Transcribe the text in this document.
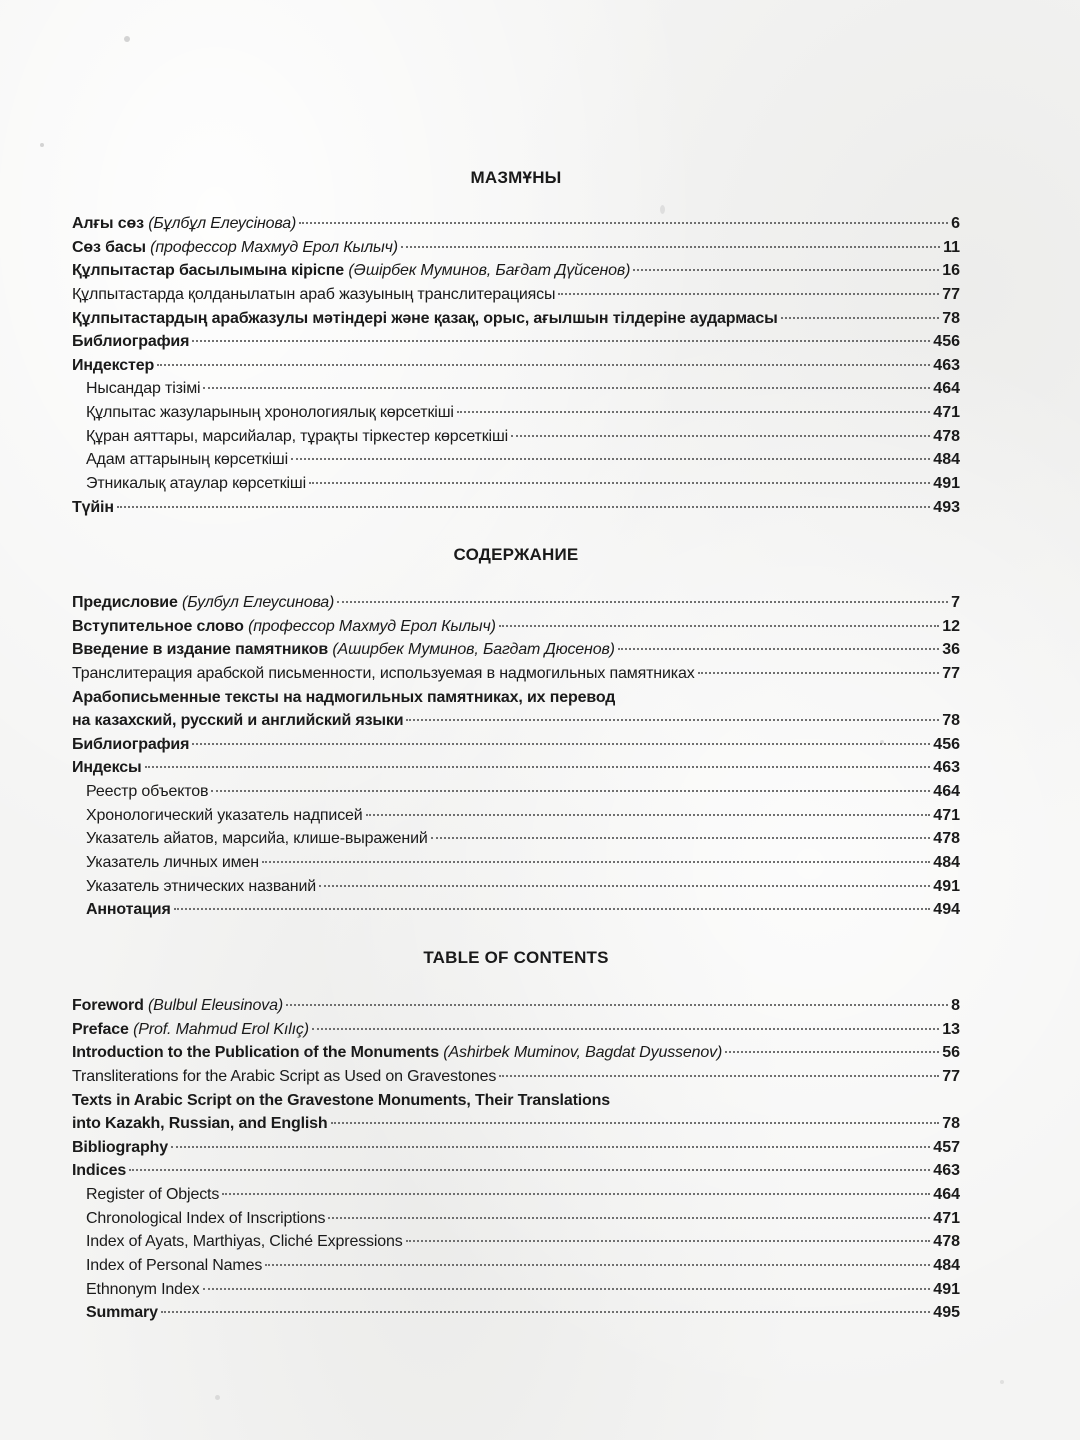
МАЗМҰНЫ
Алғы сөз (Бұлбұл Елеусінова)	6
Сөз басы (профессор Махмуд Ерол Кылыч)	11
Құлпытастар басылымына кіріспе (Әшірбек Муминов, Бағдат Дүйсенов)	16
Құлпытастарда қолданылатын араб жазуының транслитерациясы	77
Құлпытастардың арабжазулы мәтіндері және қазақ, орыс, ағылшын тілдеріне аудармасы	78
Библиография	456
Индекстер	463
Нысандар тізімі	464
Құлпытас жазуларының хронологиялық көрсеткіші	471
Құран аяттары, марсийалар, тұрақты тіркестер көрсеткіші	478
Адам аттарының көрсеткіші	484
Этникалық атаулар көрсеткіші	491
Түйін	493
СОДЕРЖАНИЕ
Предисловие (Булбул Елеусинова)	7
Вступительное слово (профессор Махмуд Ерол Кылыч)	12
Введение в издание памятников (Аширбек Муминов, Багдат Дюсенов)	36
Транслитерация арабской письменности, используемая в надмогильных памятниках	77
Арабописьменные тексты на надмогильных памятниках, их перевод
на казахский, русский и английский языки	78
Библиография	456
Индексы	463
Реестр объектов	464
Хронологический указатель надписей	471
Указатель айатов, марсийа, клише-выражений	478
Указатель личных имен	484
Указатель этнических названий	491
Аннотация	494
TABLE OF CONTENTS
Foreword (Bulbul Eleusinova)	8
Preface (Prof. Mahmud Erol Kılıç)	13
Introduction to the Publication of the Monuments (Ashirbek Muminov, Bagdat Dyussenov)	56
Transliterations for the Arabic Script as Used on Gravestones	77
Texts in Arabic Script on the Gravestone Monuments, Their Translations
into Kazakh, Russian, and English	78
Bibliography	457
Indices	463
Register of Objects	464
Chronological Index of Inscriptions	471
Index of Ayats, Marthiyas, Cliché Expressions	478
Index of Personal Names	484
Ethnonym Index	491
Summary	495
